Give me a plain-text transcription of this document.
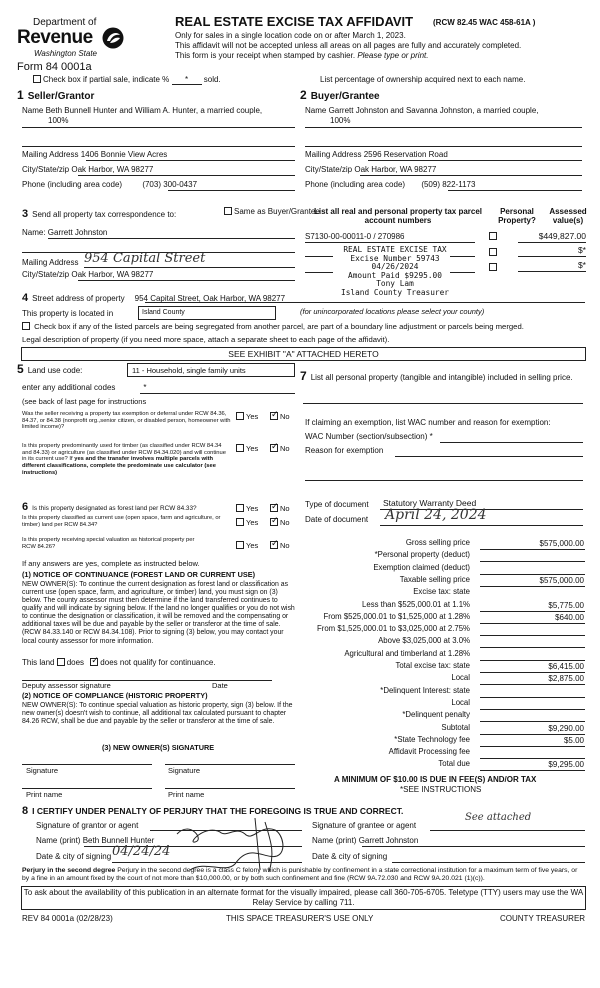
Department of
Revenue
Washington State
Form 84 0001a
REAL ESTATE EXCISE TAX AFFIDAVIT (RCW 82.45 WAC 458-61A )
Only for sales in a single location code on or after March 1, 2023.
This affidavit will not be accepted unless all areas on all pages are fully and accurately completed.
This form is your receipt when stamped by cashier. Please type or print.
Check box if partial sale, indicate % * sold.	List percentage of ownership acquired next to each name.
1 Seller/Grantor
Name Beth Bunnell Hunter and William A. Hunter, a married couple,
100%
Mailing Address 1406 Bonnie View Acres
City/State/zip Oak Harbor, WA 98277
Phone (including area code)	(703) 300-0437
2 Buyer/Grantee
Name Garrett Johnston and Savanna Johnston, a married couple,
100%
Mailing Address 2596 Reservation Road
City/State/zip Oak Harbor, WA 98277
Phone (including area code) (509) 822-1173
3 Send all property tax correspondence to:	Same as Buyer/Grantee
Name: Garrett Johnston
Mailing Address 954 Capital Street
City/State/zip Oak Harbor, WA 98277
List all real and personal property tax parcel account numbers
Personal Property?
Assessed value(s)
S7130-00-00011-0 / 270986	$449,827.00
$*
$*
REAL ESTATE EXCISE TAX
Excise Number 59743
04/26/2024
Amount Paid $9295.00
Tony Lam
Island County Treasurer
4 Street address of property 954 Capital Street, Oak Harbor, WA 98277
This property is located in	Island County	(for unincorporated locations please select your county)
Check box if any of the listed parcels are being segregated from another parcel, are part of a boundary line adjustment or parcels being merged.
Legal description of property (if you need more space, attach a separate sheet to each page of the affidavit).
SEE EXHIBIT "A" ATTACHED HERETO
5 Land use code:	11 - Household, single family units
enter any additional codes	*
(see back of last page for instructions
Was the seller receiving a property tax exemption or deferral under RCW 84.36, 84.37, or 84.38 (nonprofit org.,senior citizen, or disabled person, homeowner with limited income)?
Yes ✓ No
Is this property predominantly used for timber (as classified under RCW 84.34 and 84.33) or agriculture (as classified under RCW 84.34.020) and will continue in its current use? If yes and the transfer involves multiple parcels with different classifications, complete the predominate use calculator (see instructions)
Yes ✓ No
6 Is this property designated as forest land per RCW 84.33?	Yes ✓ No
Is this property classified as current use (open space, farm and agriculture, or timber) land per RCW 84.34?	Yes ✓ No
Is this property receiving special valuation as historical property per RCW 84.26?	Yes ✓ No
If any answers are yes, complete as instructed below.
(1) NOTICE OF CONTINUANCE (FOREST LAND OR CURRENT USE)
NEW OWNER(S): To continue the current designation as forest land or classification as current use (open space, farm, and agriculture, or timber) land, you must sign on (3) below. The county assessor must then determine if the land transferred continues to qualify and will indicate by signing below. If the land no longer qualifies or you do not wish to continue the designation or classification, it will be removed and the compensating or additional taxes will be due and payable by the seller or transferor at the time of sale. (RCW 84.33.140 or RCW 84.34.108). Prior to signing (3) below, you may contact your local county assessor for more information.
This land does ✓ does not qualify for continuance.
Deputy assessor signature	Date
(2) NOTICE OF COMPLIANCE (HISTORIC PROPERTY)
NEW OWNER(S): To continue special valuation as historic property, sign (3) below. If the new owner(s) doesn't wish to continue, all additional tax calculated pursuant to chapter 84.26 RCW, shall be due and payable by the seller or transferor at the time of sale.
(3) NEW OWNER(S) SIGNATURE
Signature	Signature
Print name	Print name
7 List all personal property (tangible and intangible) included in selling price.
If claiming an exemption, list WAC number and reason for exemption:
WAC Number (section/subsection) *
Reason for exemption
Type of document Statutory Warranty Deed
Date of document April 24, 2024
Gross selling price	$575,000.00
*Personal property (deduct)
Exemption claimed (deduct)
Taxable selling price	$575,000.00
Excise tax: state
Less than $525,000.01 at 1.1%	$5,775.00
From $525,000.01 to $1,525,000 at 1.28%	$640.00
From $1,525,000.01 to $3,025,000 at 2.75%
Above $3,025,000 at 3.0%
Agricultural and timberland at 1.28%
Total excise tax: state	$6,415.00
Local	$2,875.00
*Delinquent Interest: state
Local
*Delinquent penalty
Subtotal	$9,290.00
*State Technology fee	$5.00
Affidavit Processing fee
Total due	$9,295.00
A MINIMUM OF $10.00 IS DUE IN FEE(S) AND/OR TAX
*SEE INSTRUCTIONS
8 I CERTIFY UNDER PENALTY OF PERJURY THAT THE FOREGOING IS TRUE AND CORRECT.
Signature of grantor or agent	Signature of grantee or agent
See attached
Name (print) Beth Bunnell Hunter	Name (print) Garrett Johnston
Date & city of signing 04/24/24	Date & city of signing
Perjury in the second degree Perjury in the second degree is a class C felony which is punishable by confinement in a state correctional institution for a maximum term of five years, or by a fine in an amount fixed by the court of not more than $10,000.00, or by both such confinement and fine (RCW 9A.72.030 and RCW 9A.20.021 (1)(c)).
To ask about the availability of this publication in an alternate format for the visually impaired, please call 360-705-6705. Teletype (TTY) users may use the WA Relay Service by calling 711.
REV 84 0001a (02/28/23)	THIS SPACE TREASURER'S USE ONLY	COUNTY TREASURER
